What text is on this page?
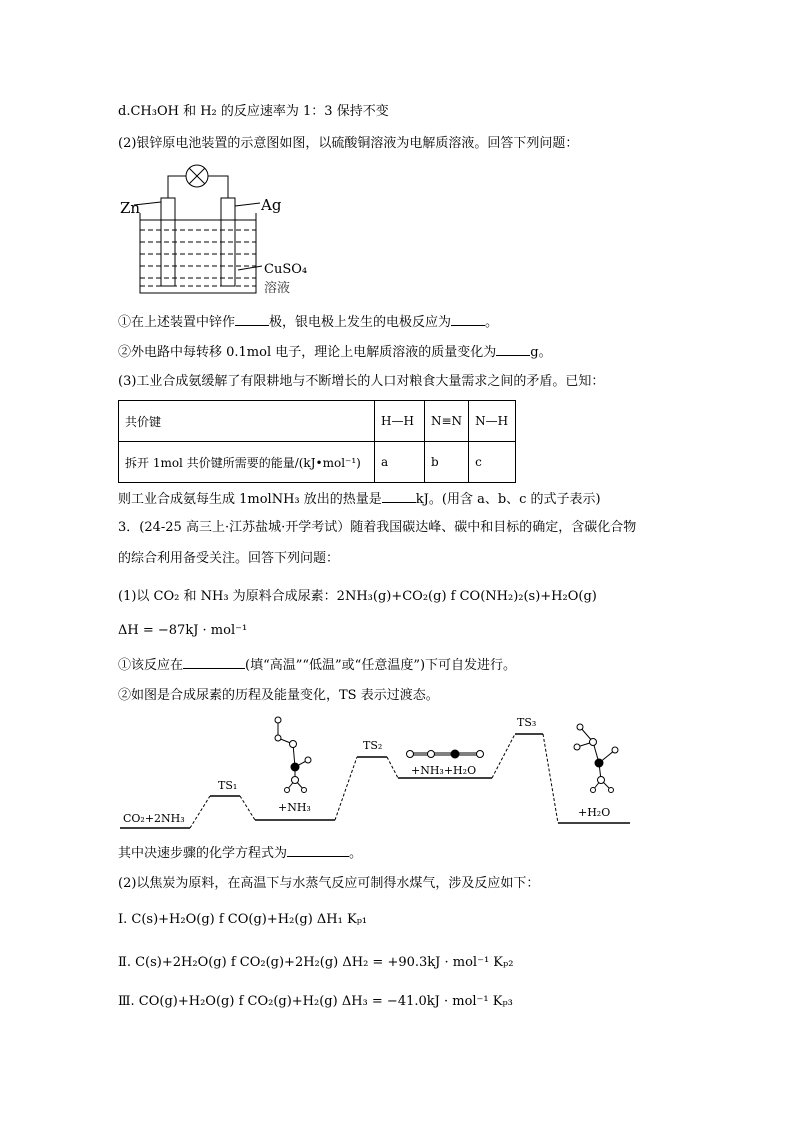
d.CH₃OH 和 H₂ 的反应速率为 1：3 保持不变
(2)银锌原电池装置的示意图如图，以硫酸铜溶液为电解质溶液。回答下列问题：
Zn	Ag
CuSO₄
溶液
①在上述装置中锌作	极，银电极上发生的电极反应为	。
②外电路中每转移 0.1mol 电子，理论上电解质溶液的质量变化为	g。
(3)工业合成氨缓解了有限耕地与不断增长的人口对粮食大量需求之间的矛盾。已知：
共价键	H—H	N≡N	N—H
拆开 1mol 共价键所需要的能量/(kJ•mol⁻¹)	a	b	c
则工业合成氨每生成 1molNH₃ 放出的热量是	kJ。(用含 a、b、c 的式子表示)
3．(24-25 高三上·江苏盐城·开学考试）随着我国碳达峰、碳中和目标的确定，含碳化合物
的综合利用备受关注。回答下列问题：
(1)以 CO₂ 和 NH₃ 为原料合成尿素：2NH₃(g)+CO₂(g) f CO(NH₂)₂(s)+H₂O(g)
ΔH = −87kJ · mol⁻¹
①该反应在	(填“高温”“低温”或“任意温度”)下可自发进行。
②如图是合成尿素的历程及能量变化，TS 表示过渡态。
CO₂+2NH₃
TS₁
TS₂
TS₃
+NH₃
+NH₃+H₂O
+H₂O
其中决速步骤的化学方程式为	。
(2)以焦炭为原料，在高温下与水蒸气反应可制得水煤气，涉及反应如下：
Ⅰ. C(s)+H₂O(g) f CO(g)+H₂(g) ΔH₁ Kₚ₁
Ⅱ. C(s)+2H₂O(g) f CO₂(g)+2H₂(g) ΔH₂ = +90.3kJ · mol⁻¹ Kₚ₂
Ⅲ. CO(g)+H₂O(g) f CO₂(g)+H₂(g) ΔH₃ = −41.0kJ · mol⁻¹ Kₚ₃
